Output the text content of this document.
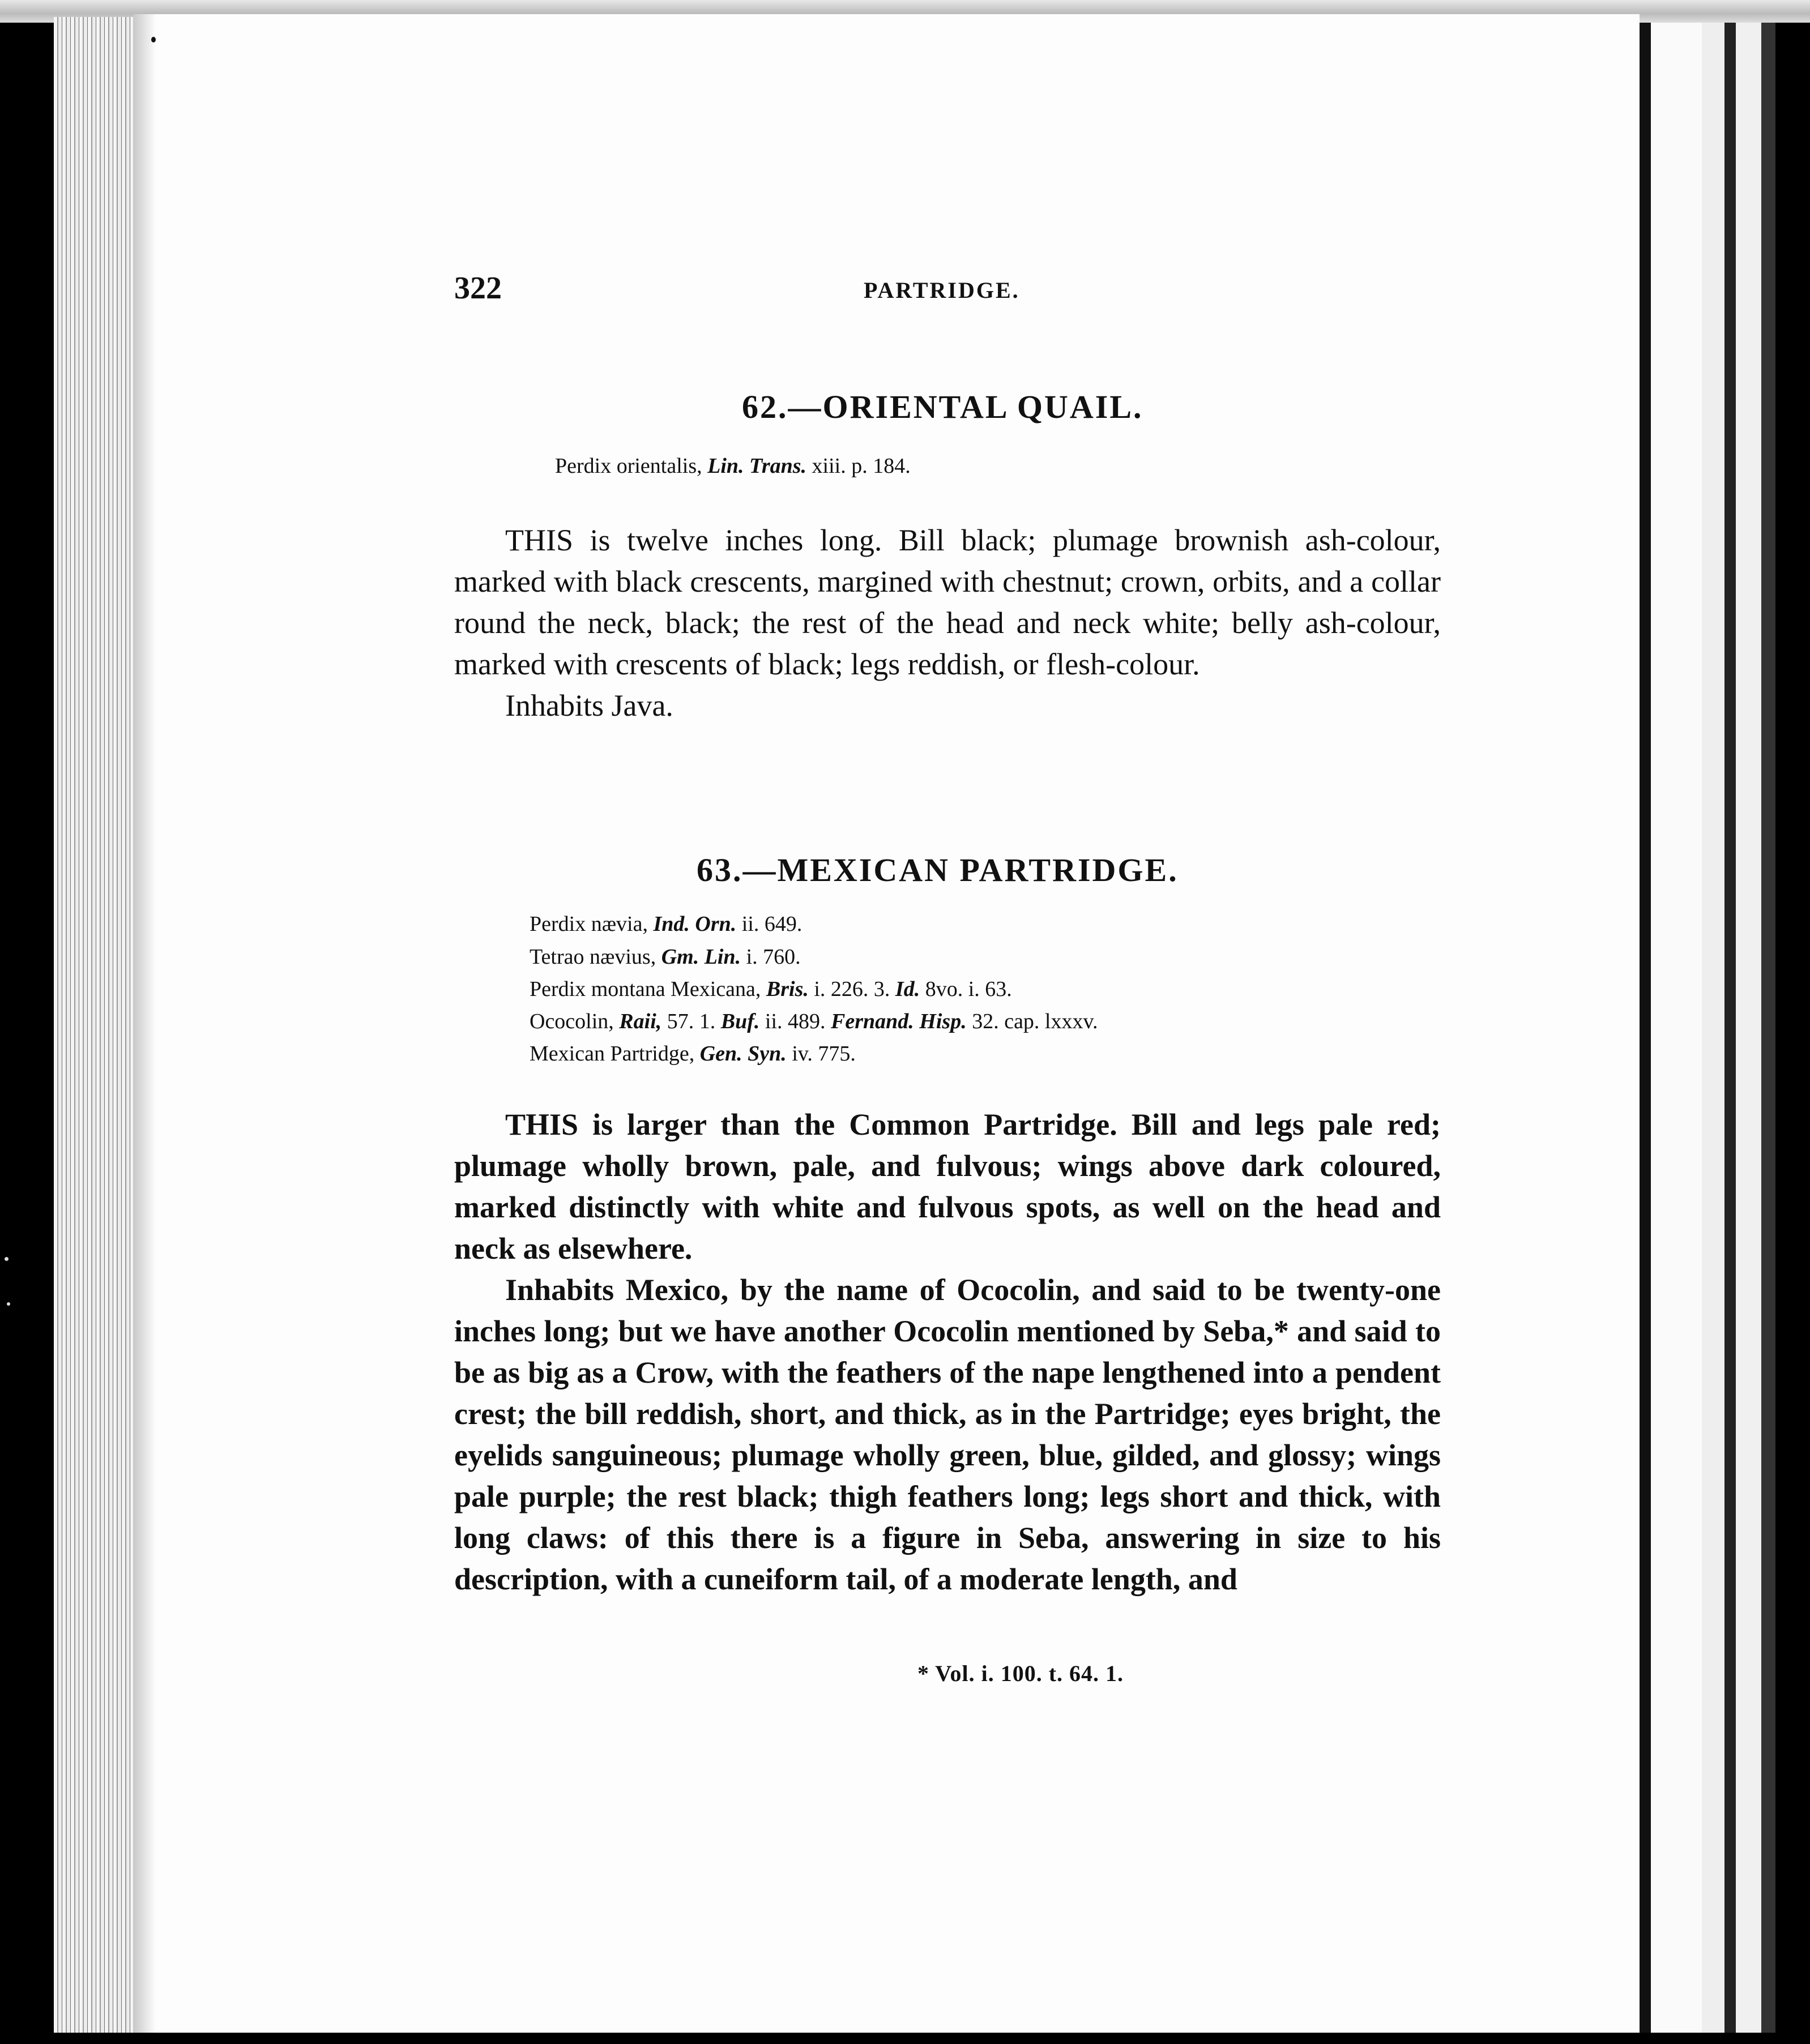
322	PARTRIDGE.
62.—ORIENTAL QUAIL.
Perdix orientalis, Lin. Trans. xiii. p. 184.

THIS is twelve inches long. Bill black; plumage brownish ash-colour, marked with black crescents, margined with chestnut; crown, orbits, and a collar round the neck, black; the rest of the head and neck white; belly ash-colour, marked with crescents of black; legs reddish, or flesh-colour.

Inhabits Java.

63.—MEXICAN PARTRIDGE.
Perdix nævia, Ind. Orn. ii. 649.
Tetrao nævius, Gm. Lin. i. 760.
Perdix montana Mexicana, Bris. i. 226. 3. Id. 8vo. i. 63.
Ococolin, Raii, 57. 1. Buf. ii. 489. Fernand. Hisp. 32. cap. lxxxv.
Mexican Partridge, Gen. Syn. iv. 775.

THIS is larger than the Common Partridge. Bill and legs pale red; plumage wholly brown, pale, and fulvous; wings above dark coloured, marked distinctly with white and fulvous spots, as well on the head and neck as elsewhere.

Inhabits Mexico, by the name of Ococolin, and said to be twenty-one inches long; but we have another Ococolin mentioned by Seba,* and said to be as big as a Crow, with the feathers of the nape lengthened into a pendent crest; the bill reddish, short, and thick, as in the Partridge; eyes bright, the eyelids sanguineous; plumage wholly green, blue, gilded, and glossy; wings pale purple; the rest black; thigh feathers long; legs short and thick, with long claws: of this there is a figure in Seba, answering in size to his description, with a cuneiform tail, of a moderate length, and

* Vol. i. 100. t. 64. 1.
